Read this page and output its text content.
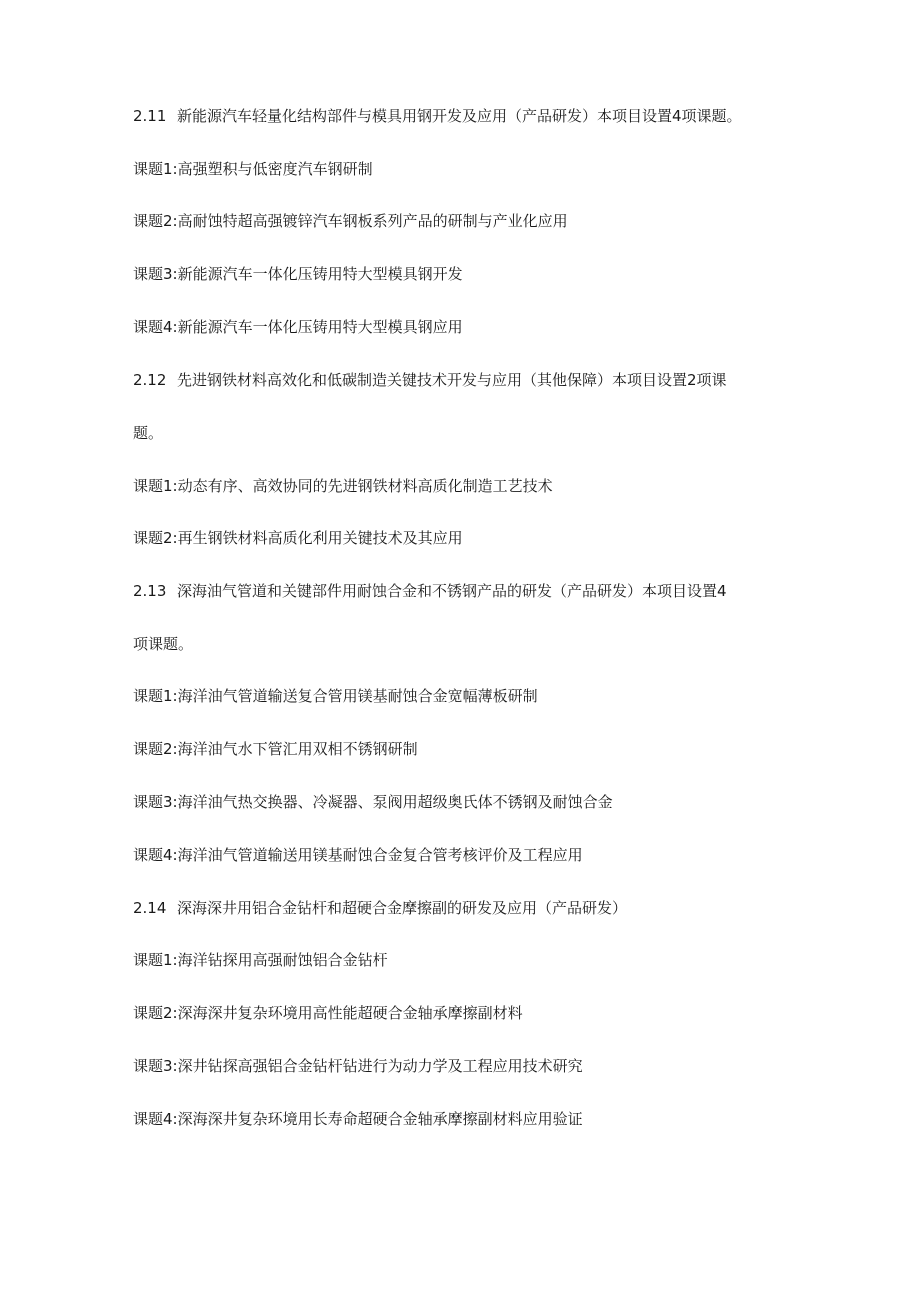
2.11 新能源汽车轻量化结构部件与模具用钢开发及应用（产品研发）本项目设置4项课题。
课题1:高强塑积与低密度汽车钢研制
课题2:高耐蚀特超高强镀锌汽车钢板系列产品的研制与产业化应用
课题3:新能源汽车一体化压铸用特大型模具钢开发
课题4:新能源汽车一体化压铸用特大型模具钢应用
2.12 先进钢铁材料高效化和低碳制造关键技术开发与应用（其他保障）本项目设置2项课
题。
课题1:动态有序、高效协同的先进钢铁材料高质化制造工艺技术
课题2:再生钢铁材料高质化利用关键技术及其应用
2.13 深海油气管道和关键部件用耐蚀合金和不锈钢产品的研发（产品研发）本项目设置4
项课题。
课题1:海洋油气管道输送复合管用镁基耐蚀合金宽幅薄板研制
课题2:海洋油气水下管汇用双相不锈钢研制
课题3:海洋油气热交换器、冷凝器、泵阀用超级奥氏体不锈钢及耐蚀合金
课题4:海洋油气管道输送用镁基耐蚀合金复合管考核评价及工程应用
2.14 深海深井用铝合金钻杆和超硬合金摩擦副的研发及应用（产品研发）
课题1:海洋钻探用高强耐蚀铝合金钻杆
课题2:深海深井复杂环境用高性能超硬合金轴承摩擦副材料
课题3:深井钻探高强铝合金钻杆钻进行为动力学及工程应用技术研究
课题4:深海深井复杂环境用长寿命超硬合金轴承摩擦副材料应用验证
